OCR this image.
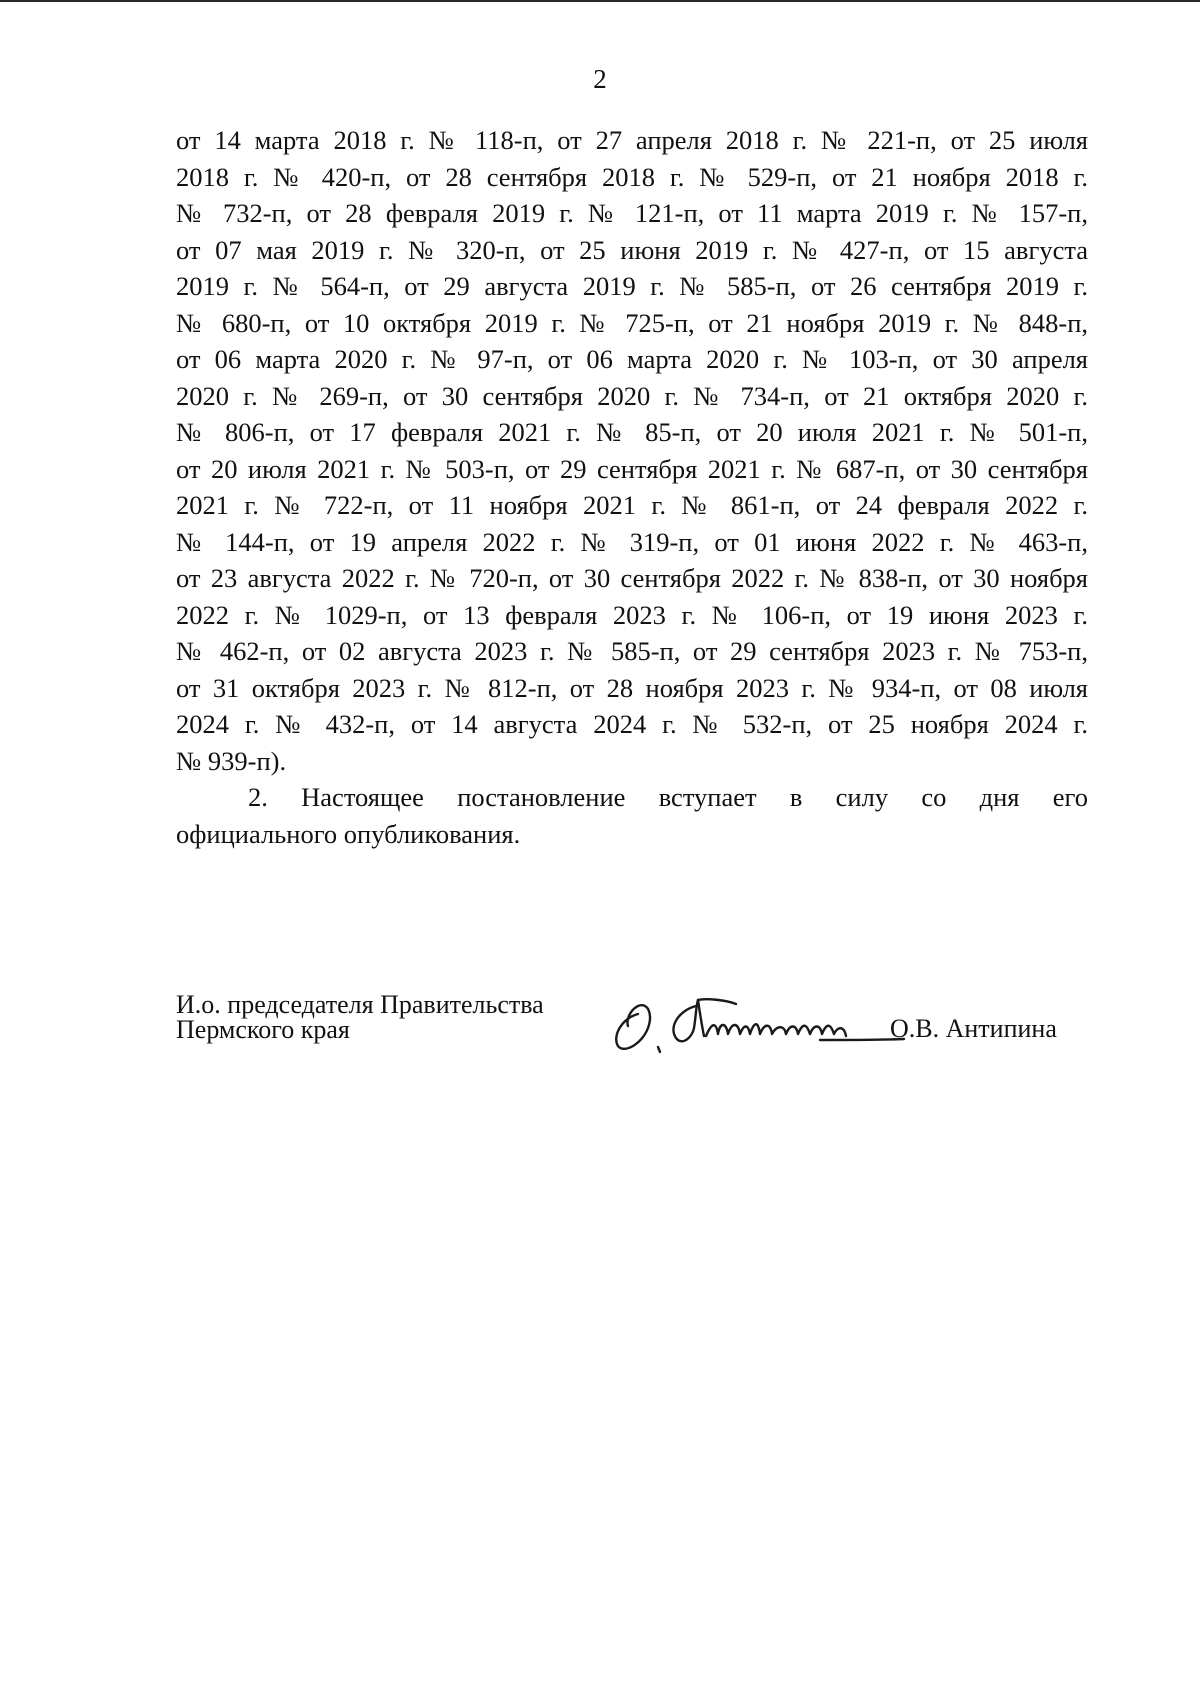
2
от 14 марта 2018 г. № 118-п, от 27 апреля 2018 г. № 221-п, от 25 июля
2018 г. № 420-п, от 28 сентября 2018 г. № 529-п, от 21 ноября 2018 г.
№ 732-п, от 28 февраля 2019 г. № 121-п, от 11 марта 2019 г. № 157-п,
от 07 мая 2019 г. № 320-п, от 25 июня 2019 г. № 427-п, от 15 августа
2019 г. № 564-п, от 29 августа 2019 г. № 585-п, от 26 сентября 2019 г.
№ 680-п, от 10 октября 2019 г. № 725-п, от 21 ноября 2019 г. № 848-п,
от 06 марта 2020 г. № 97-п, от 06 марта 2020 г. № 103-п, от 30 апреля
2020 г. № 269-п, от 30 сентября 2020 г. № 734-п, от 21 октября 2020 г.
№ 806-п, от 17 февраля 2021 г. № 85-п, от 20 июля 2021 г. № 501-п,
от 20 июля 2021 г. № 503-п, от 29 сентября 2021 г. № 687-п, от 30 сентября
2021 г. № 722-п, от 11 ноября 2021 г. № 861-п, от 24 февраля 2022 г.
№ 144-п, от 19 апреля 2022 г. № 319-п, от 01 июня 2022 г. № 463-п,
от 23 августа 2022 г. № 720-п, от 30 сентября 2022 г. № 838-п, от 30 ноября
2022 г. № 1029-п, от 13 февраля 2023 г. № 106-п, от 19 июня 2023 г.
№ 462-п, от 02 августа 2023 г. № 585-п, от 29 сентября 2023 г. № 753-п,
от 31 октября 2023 г. № 812-п, от 28 ноября 2023 г. № 934-п, от 08 июля
2024 г. № 432-п, от 14 августа 2024 г. № 532-п, от 25 ноября 2024 г.
№ 939-п).
2. Настоящее постановление вступает в силу со дня его
официального опубликования.
И.о. председателя Правительства
Пермского края	О.В. Антипина
